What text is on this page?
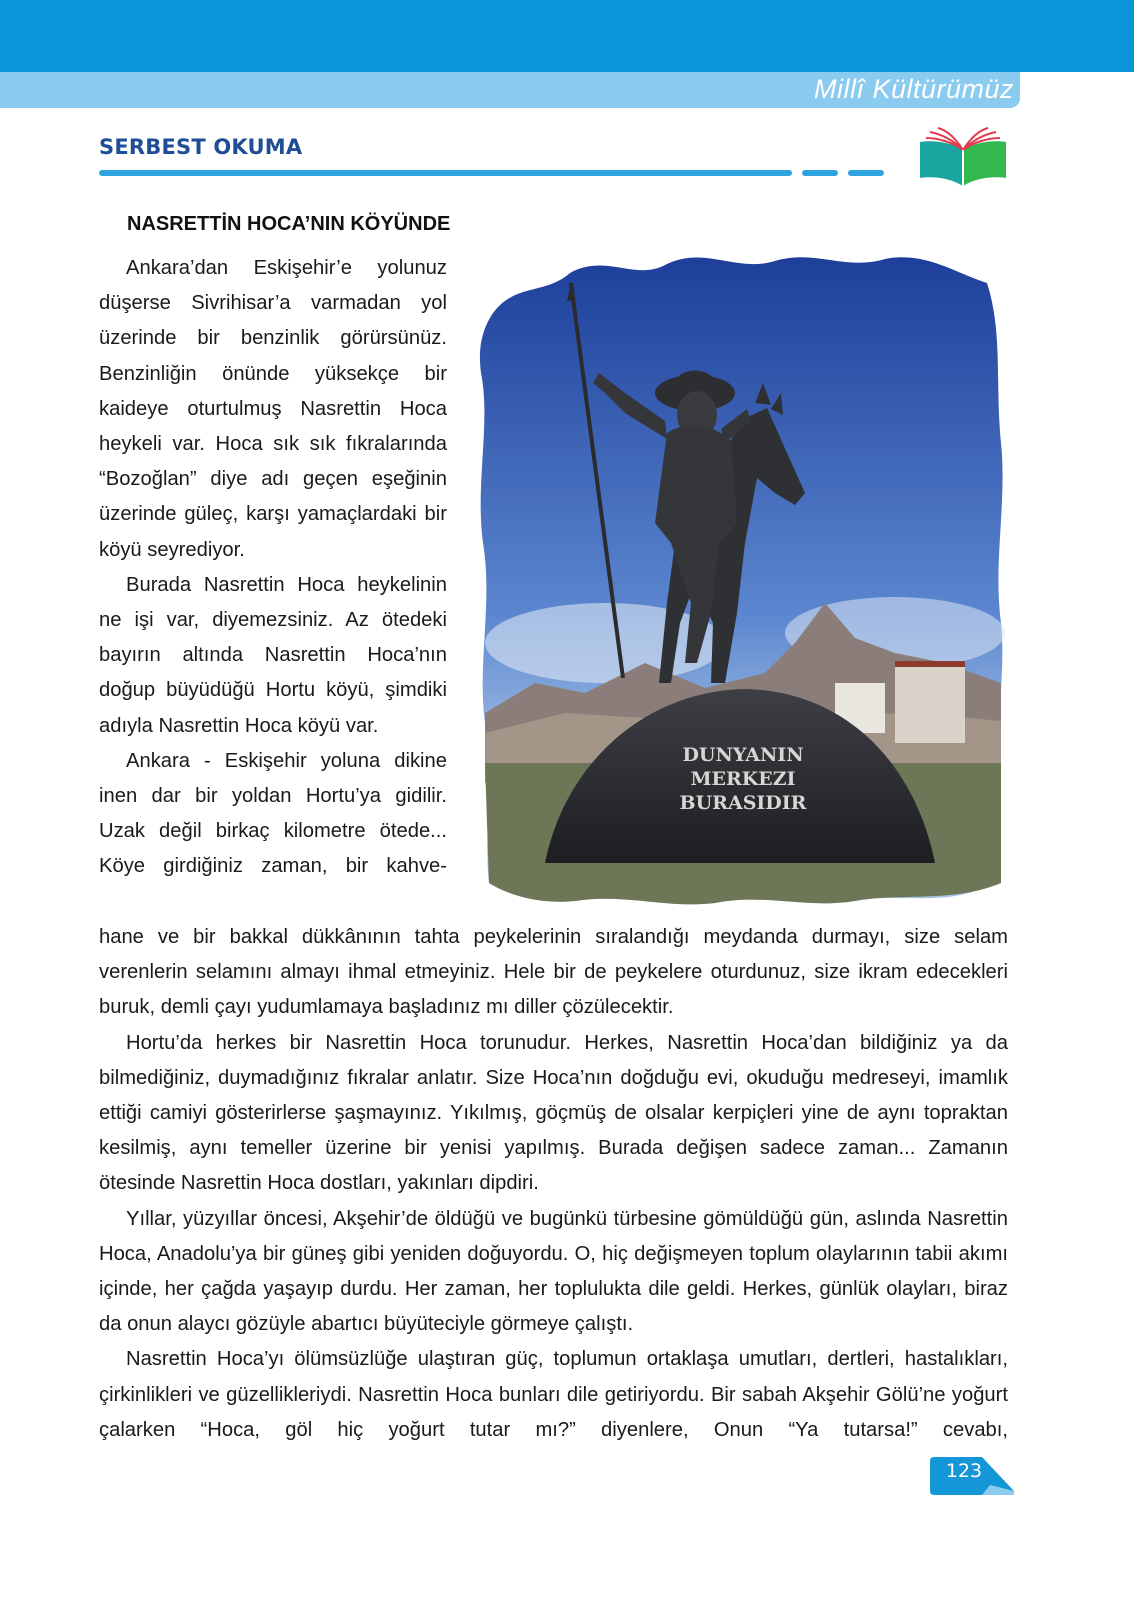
Millî Kültürümüz
SERBEST OKUMA
NASRETTİN HOCA’NIN KÖYÜNDE

Ankara’dan Eskişehir’e yolunuz düşerse Sivrihisar’a varmadan yol üzerinde bir benzinlik görürsünüz. Benzinliğin önünde yüksekçe bir kaideye oturtulmuş Nasrettin Hoca heykeli var. Hoca sık sık fıkralarında “Bozoğlan” diye adı geçen eşeğinin üzerinde güleç, karşı yamaçlardaki bir köyü seyrediyor.

Burada Nasrettin Hoca heykelinin ne işi var, diyemezsiniz. Az ötedeki bayırın altında Nasrettin Hoca’nın doğup büyüdüğü Hortu köyü, şimdiki adıyla Nasrettin Hoca köyü var.

Ankara - Eskişehir yoluna dikine inen dar bir yoldan Hortu’ya gidilir. Uzak değil birkaç kilometre ötede... Köye girdiğiniz zaman, bir kahve-

DUNYANIN
MERKEZI
BURASIDIR

hane ve bir bakkal dükkânının tahta peykelerinin sıralandığı meydanda durmayı, size selam verenlerin selamını almayı ihmal etmeyiniz. Hele bir de peykelere oturdunuz, size ikram edecekleri buruk, demli çayı yudumlamaya başladınız mı diller çözülecektir.

Hortu’da herkes bir Nasrettin Hoca torunudur. Herkes, Nasrettin Hoca’dan bildiğiniz ya da bilmediğiniz, duymadığınız fıkralar anlatır. Size Hoca’nın doğduğu evi, okuduğu medreseyi, imamlık ettiği camiyi gösterirlerse şaşmayınız. Yıkılmış, göçmüş de olsalar kerpiçleri yine de aynı topraktan kesilmiş, aynı temeller üzerine bir yenisi yapılmış. Burada değişen sadece zaman... Zamanın ötesinde Nasrettin Hoca dostları, yakınları dipdiri.

Yıllar, yüzyıllar öncesi, Akşehir’de öldüğü ve bugünkü türbesine gömüldüğü gün, aslında Nasrettin Hoca, Anadolu’ya bir güneş gibi yeniden doğuyordu. O, hiç değişmeyen toplum olaylarının tabii akımı içinde, her çağda yaşayıp durdu. Her zaman, her toplulukta dile geldi. Herkes, günlük olayları, biraz da onun alaycı gözüyle abartıcı büyüteciyle görmeye çalıştı.

Nasrettin Hoca’yı ölümsüzlüğe ulaştıran güç, toplumun ortaklaşa umutları, dertleri, hastalıkları, çirkinlikleri ve güzellikleriydi. Nasrettin Hoca bunları dile getiriyordu. Bir sabah Akşehir Gölü’ne yoğurt çalarken “Hoca, göl hiç yoğurt tutar mı?” diyenlere, Onun “Ya tutarsa!” cevabı,

123
